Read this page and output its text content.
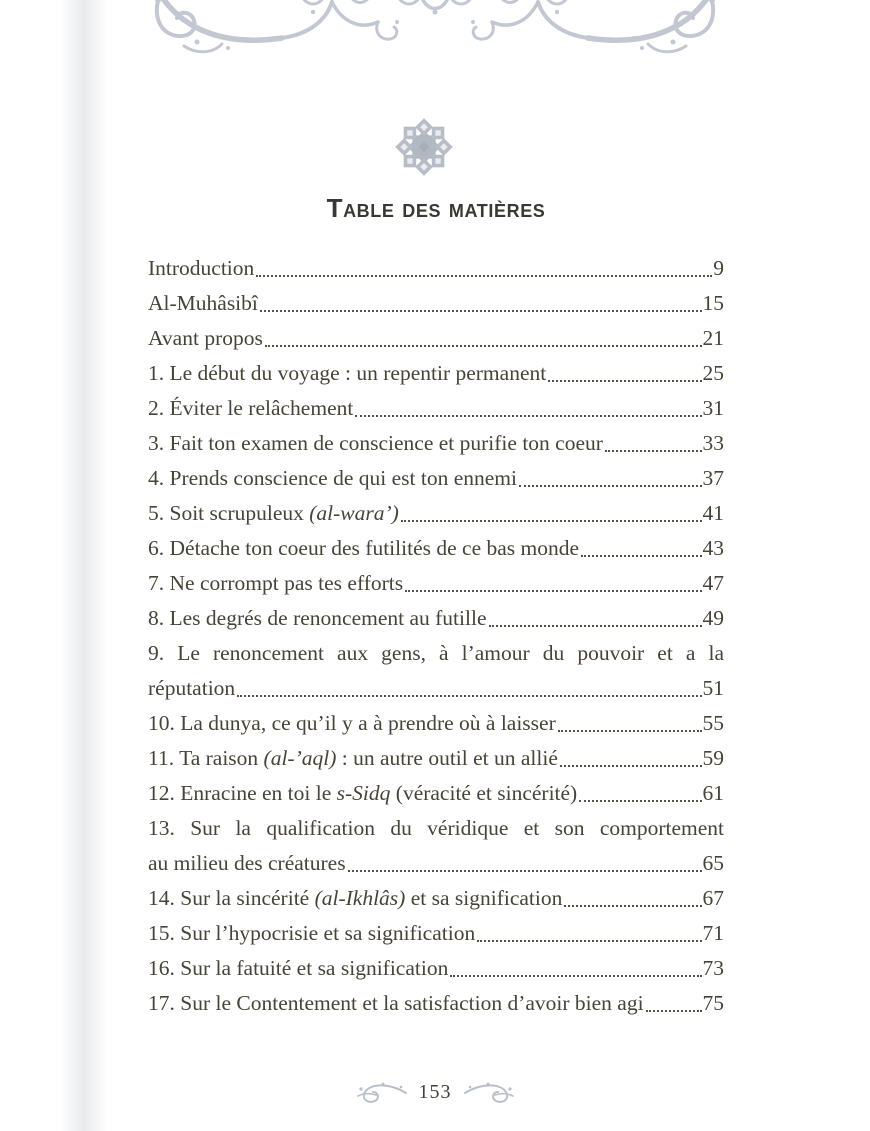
Table des matières
Introduction	9
Al-Muhâsibî	15
Avant propos	21
1. Le début du voyage : un repentir permanent	25
2. Éviter le relâchement	31
3. Fait ton examen de conscience et purifie ton coeur	33
4. Prends conscience de qui est ton ennemi	37
5. Soit scrupuleux (al-wara’)	41
6. Détache ton coeur des futilités de ce bas monde	43
7. Ne corrompt pas tes efforts	47
8. Les degrés de renoncement au futille	49
9. Le renoncement aux gens, à l’amour du pouvoir et a la
réputation	51
10. La dunya, ce qu’il y a à prendre où à laisser	55
11. Ta raison (al-’aql) : un autre outil et un allié	59
12. Enracine en toi le s-Sidq (véracité et sincérité)	61
13. Sur la qualification du véridique et son comportement
au milieu des créatures	65
14. Sur la sincérité (al-Ikhlâs) et sa signification	67
15. Sur l’hypocrisie et sa signification	71
16. Sur la fatuité et sa signification	73
17. Sur le Contentement et la satisfaction d’avoir bien agi	75
153
